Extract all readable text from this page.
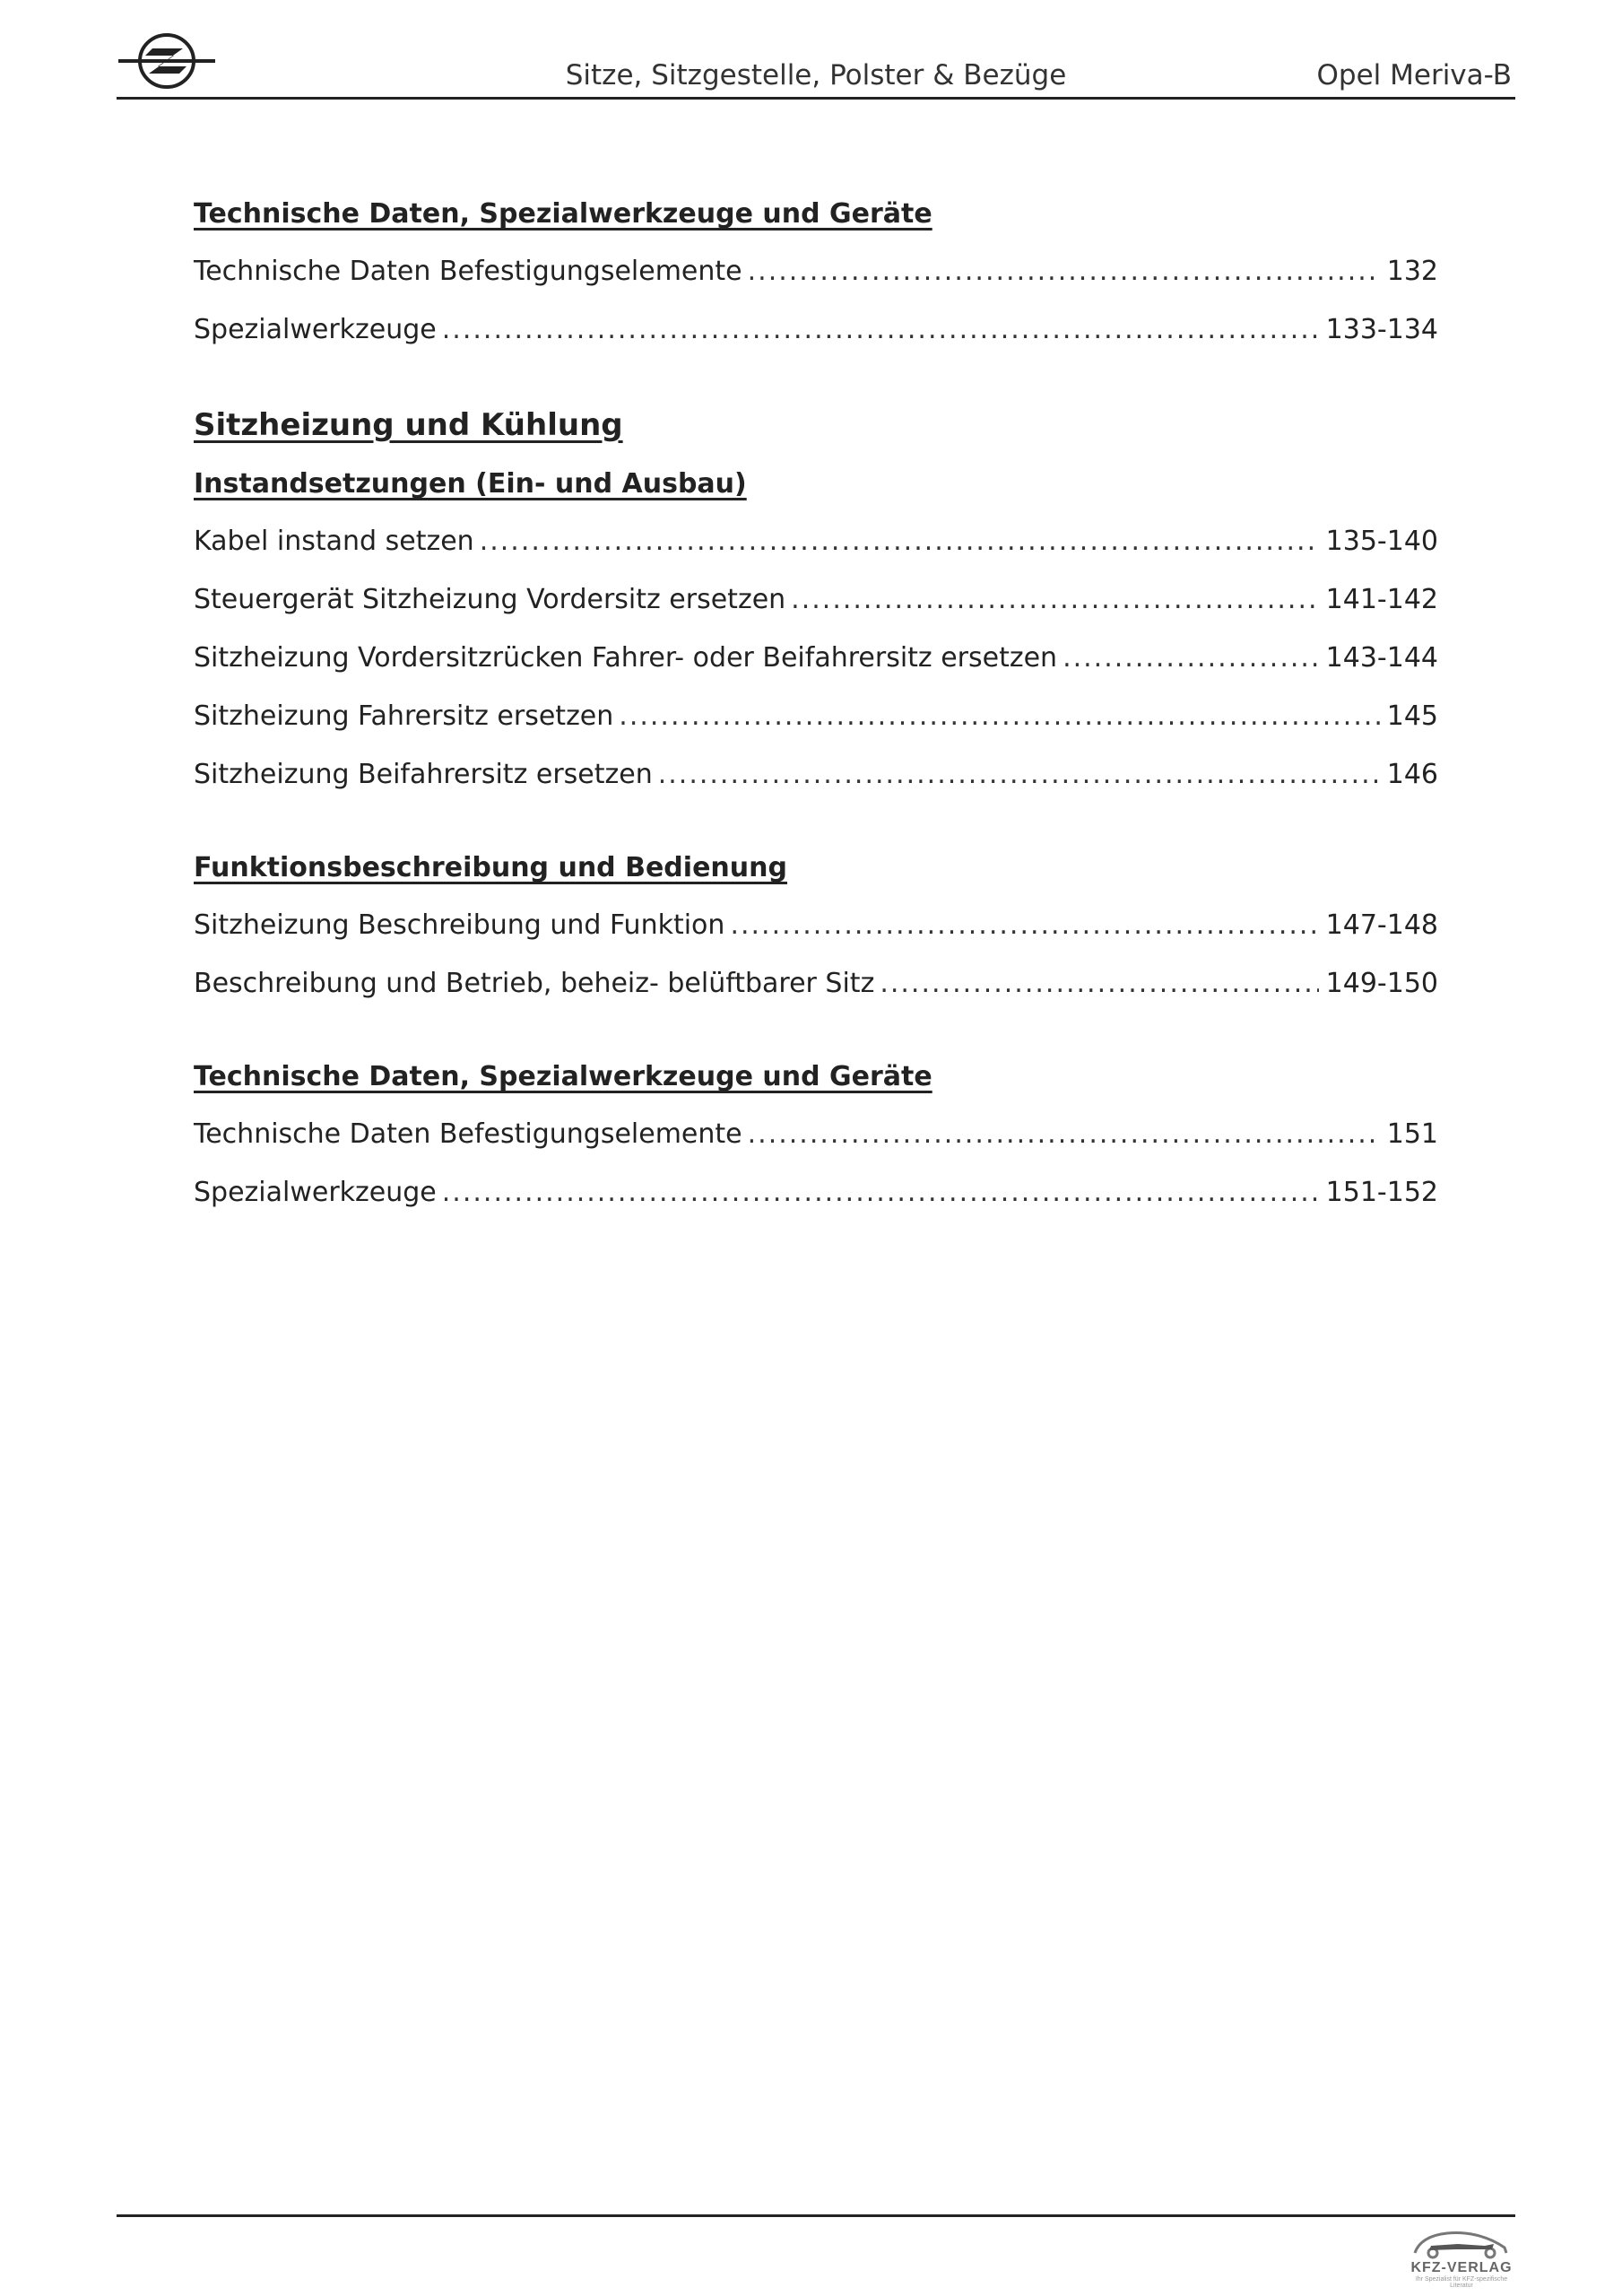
Sitze, Sitzgestelle, Polster & Bezüge	Opel Meriva-B
Technische Daten, Spezialwerkzeuge und Geräte
Technische Daten Befestigungselemente .....	132
Spezialwerkzeuge .....	133-134
Sitzheizung und Kühlung
Instandsetzungen (Ein- und Ausbau)
Kabel instand setzen .....	135-140
Steuergerät Sitzheizung Vordersitz ersetzen .....	141-142
Sitzheizung Vordersitzrücken Fahrer- oder Beifahrersitz ersetzen .....	143-144
Sitzheizung Fahrersitz ersetzen .....	145
Sitzheizung Beifahrersitz ersetzen .....	146
Funktionsbeschreibung und Bedienung
Sitzheizung Beschreibung und Funktion .....	147-148
Beschreibung und Betrieb, beheiz- belüftbarer Sitz .....	149-150
Technische Daten, Spezialwerkzeuge und Geräte
Technische Daten Befestigungselemente .....	151
Spezialwerkzeuge .....	151-152
KFZ-VERLAG
Ihr Spezialist für KFZ-spezifische Literatur
